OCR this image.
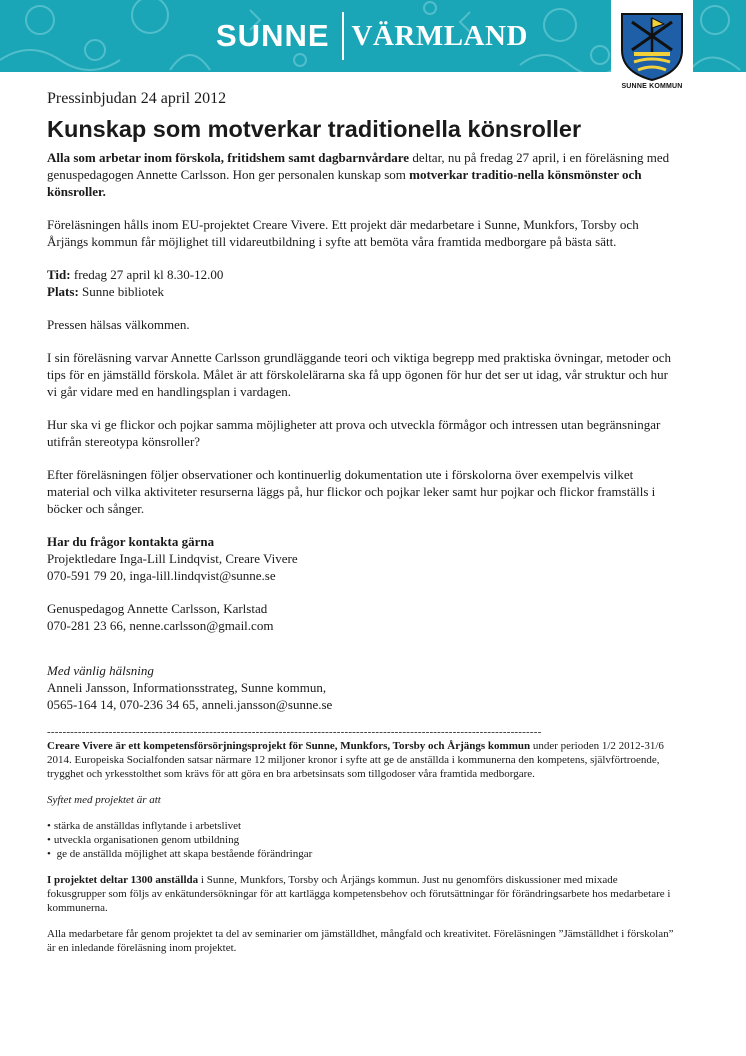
SUNNE VÄRMLAND
SUNNE KOMMUN
Pressinbjudan 24 april 2012
Kunskap som motverkar traditionella könsroller

Alla som arbetar inom förskola, fritidshem samt dagbarnvårdare deltar, nu på fredag 27 april, i en föreläsning med genuspedagogen Annette Carlsson. Hon ger personalen kunskap som motverkar traditio-nella könsmönster och könsroller.

Föreläsningen hålls inom EU-projektet Creare Vivere. Ett projekt där medarbetare i Sunne, Munkfors, Torsby och Årjängs kommun får möjlighet till vidareutbildning i syfte att bemöta våra framtida medborgare på bästa sätt.

Tid: fredag 27 april kl 8.30-12.00

Plats: Sunne bibliotek

Pressen hälsas välkommen.

I sin föreläsning varvar Annette Carlsson grundläggande teori och viktiga begrepp med praktiska övningar, metoder och tips för en jämställd förskola. Målet är att förskolelärarna ska få upp ögonen för hur det ser ut idag, vår struktur och hur vi går vidare med en handlingsplan i vardagen.

Hur ska vi ge flickor och pojkar samma möjligheter att prova och utveckla förmågor och intressen utan begränsningar utifrån stereotypa könsroller?

Efter föreläsningen följer observationer och kontinuerlig dokumentation ute i förskolorna över exempelvis vilket material och vilka aktiviteter resurserna läggs på, hur flickor och pojkar leker samt hur pojkar och flickor framställs i böcker och sånger.

Har du frågor kontakta gärna

Projektledare Inga-Lill Lindqvist, Creare Vivere

070-591 79 20, inga-lill.lindqvist@sunne.se

Genuspedagog Annette Carlsson, Karlstad

070-281 23 66, nenne.carlsson@gmail.com

Med vänlig hälsning

Anneli Jansson, Informationsstrateg, Sunne kommun,

0565-164 14, 070-236 34 65, anneli.jansson@sunne.se

--------------------------------------------------------------------------------------------------------------------------------

Creare Vivere är ett kompetensförsörjningsprojekt för Sunne, Munkfors, Torsby och Årjängs kommun under perioden 1/2 2012-31/6 2014. Europeiska Socialfonden satsar närmare 12 miljoner kronor i syfte att ge de anställda i kommunerna den kompetens, självförtroende, trygghet och yrkesstolthet som krävs för att göra en bra arbetsinsats som tillgodoser våra framtida medborgare.

Syftet med projektet är att

• stärka de anställdas inflytande i arbetslivet
• utveckla organisationen genom utbildning
• ge de anställda möjlighet att skapa bestående förändringar

I projektet deltar 1300 anställda i Sunne, Munkfors, Torsby och Årjängs kommun. Just nu genomförs diskussioner med mixade fokusgrupper som följs av enkätundersökningar för att kartlägga kompetensbehov och förutsättningar för förändringsarbete hos medarbetare i kommunerna.

Alla medarbetare får genom projektet ta del av seminarier om jämställdhet, mångfald och kreativitet. Föreläsningen ”Jämställdhet i förskolan” är en inledande föreläsning inom projektet.
